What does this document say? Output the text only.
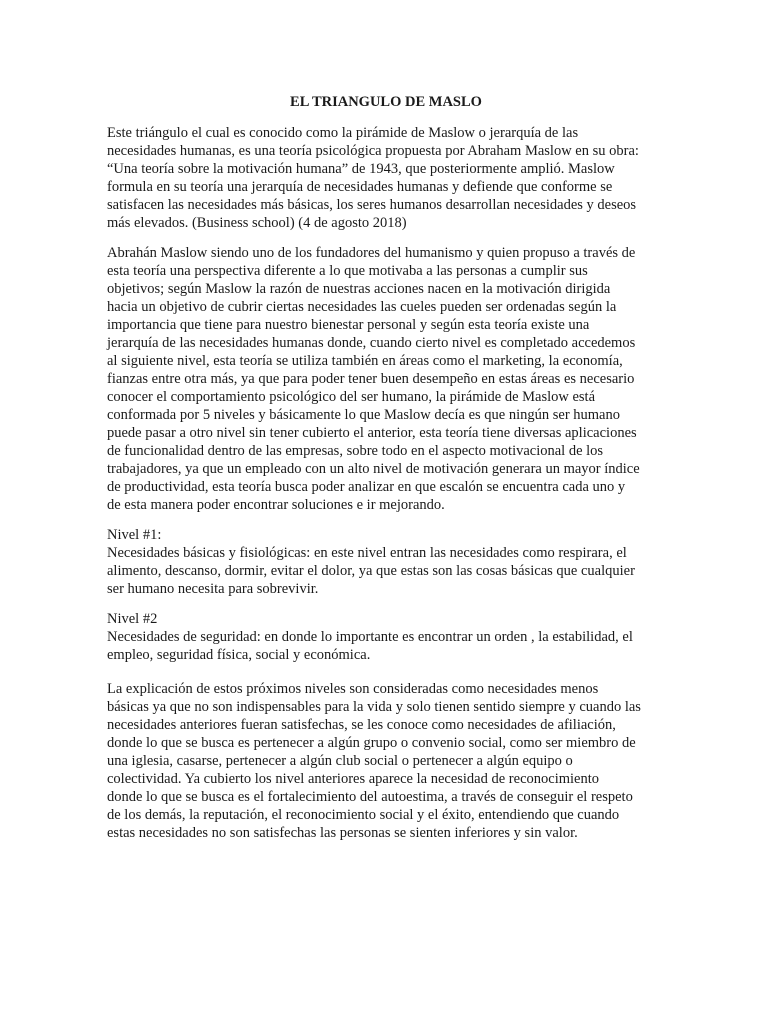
EL TRIANGULO DE MASLO
Este triángulo el cual es conocido como la pirámide de Maslow o jerarquía de las
necesidades humanas, es una teoría psicológica propuesta por Abraham Maslow en su obra:
“Una teoría sobre la motivación humana” de 1943, que posteriormente amplió. Maslow
formula en su teoría una jerarquía de necesidades humanas y defiende que conforme se
satisfacen las necesidades más básicas, los seres humanos desarrollan necesidades y deseos
más elevados. (Business school) (4 de agosto 2018)
Abrahán Maslow siendo uno de los fundadores del humanismo y quien propuso a través de
esta teoría una perspectiva diferente a lo que motivaba a las personas a cumplir sus
objetivos; según Maslow la razón de nuestras acciones nacen en la motivación dirigida
hacia un objetivo de cubrir ciertas necesidades las cueles pueden ser ordenadas según la
importancia que tiene para nuestro bienestar personal y según esta teoría existe una
jerarquía de las necesidades humanas donde, cuando cierto nivel es completado accedemos
al siguiente nivel, esta teoría se utiliza también en áreas como el marketing, la economía,
fianzas entre otra más, ya que para poder tener buen desempeño en estas áreas es necesario
conocer el comportamiento psicológico del ser humano, la pirámide de Maslow está
conformada por 5 niveles y básicamente lo que Maslow decía es que ningún ser humano
puede pasar a otro nivel sin tener cubierto el anterior, esta teoría tiene diversas aplicaciones
de funcionalidad dentro de las empresas, sobre todo en el aspecto motivacional de los
trabajadores, ya que un empleado con un alto nivel de motivación generara un mayor índice
de productividad, esta teoría busca poder analizar en que escalón se encuentra cada uno y
de esta manera poder encontrar soluciones e ir mejorando.
Nivel #1:
Necesidades básicas y fisiológicas: en este nivel entran las necesidades como respirara, el
alimento, descanso, dormir, evitar el dolor, ya que estas son las cosas básicas que cualquier
ser humano necesita para sobrevivir.
Nivel #2
Necesidades de seguridad: en donde lo importante es encontrar un orden , la estabilidad, el
empleo, seguridad física, social y económica.
La explicación de estos próximos niveles son consideradas como necesidades menos
básicas ya que no son indispensables para la vida y solo tienen sentido siempre y cuando las
necesidades anteriores fueran satisfechas, se les conoce como necesidades de afiliación,
donde lo que se busca es pertenecer a algún grupo o convenio social, como ser miembro de
una iglesia, casarse, pertenecer a algún club social o pertenecer a algún equipo o
colectividad. Ya cubierto los nivel anteriores aparece la necesidad de reconocimiento
donde lo que se busca es el fortalecimiento del autoestima, a través de conseguir el respeto
de los demás, la reputación, el reconocimiento social y el éxito, entendiendo que cuando
estas necesidades no son satisfechas las personas se sienten inferiores y sin valor.
